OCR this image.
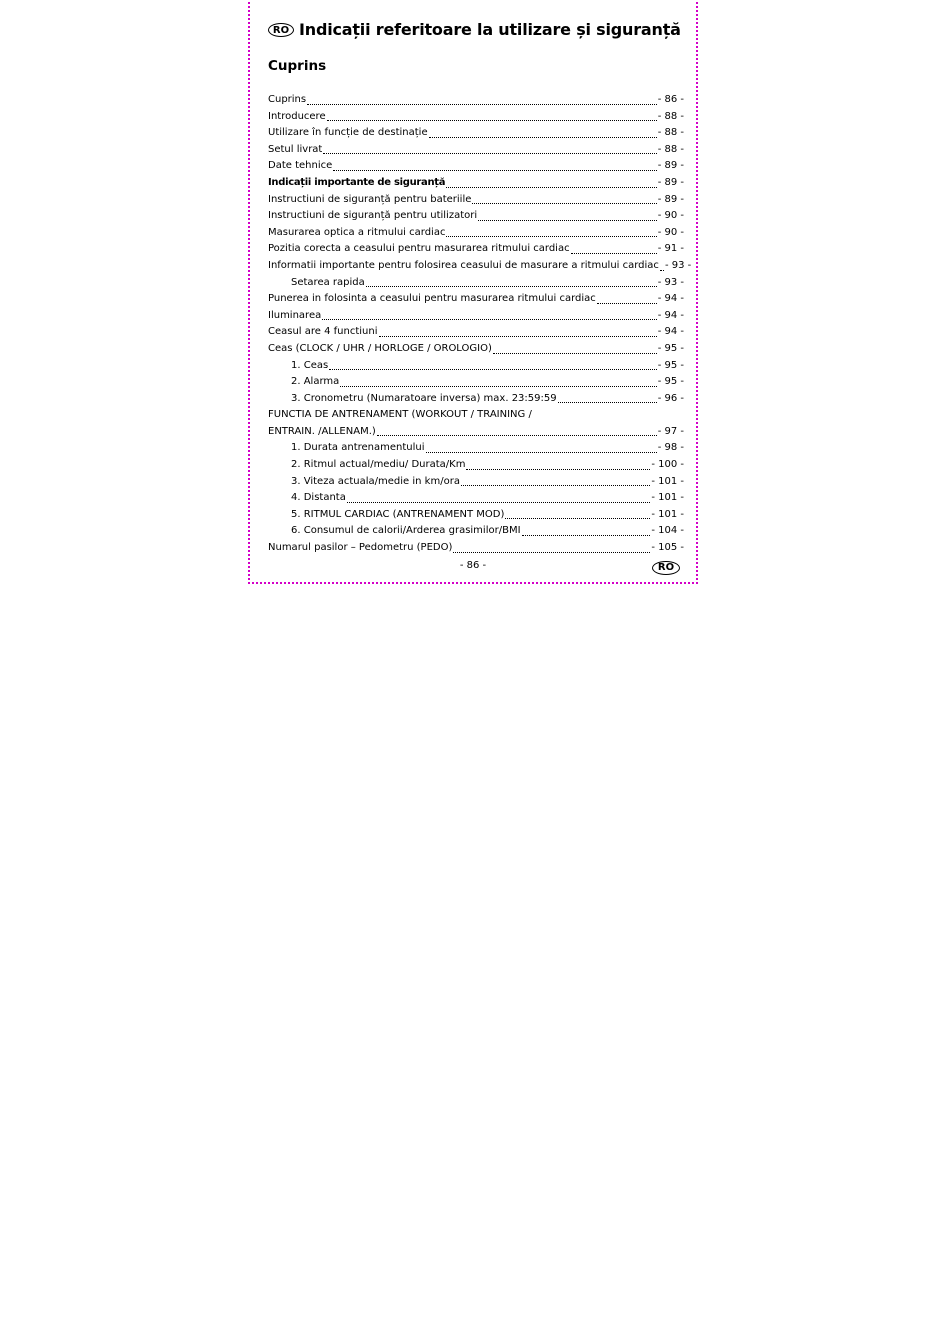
RO Indicații referitoare la utilizare și siguranță
Cuprins
Cuprins	- 86 -
Introducere	- 88 -
Utilizare în funcție de destinație	- 88 -
Setul livrat	- 88 -
Date tehnice	- 89 -
Indicații importante de siguranță	- 89 -
Instructiuni de siguranță pentru bateriile	- 89 -
Instructiuni de siguranță pentru utilizatori	- 90 -
Masurarea optica a ritmului cardiac	- 90 -
Pozitia corecta a ceasului pentru masurarea ritmului cardiac	- 91 -
Informatii importante pentru folosirea ceasului de masurare a ritmului cardiac - 93 -
Setarea rapida	- 93 -
Punerea in folosinta a ceasului pentru masurarea ritmului cardiac	- 94 -
Iluminarea	- 94 -
Ceasul are 4 functiuni	- 94 -
Ceas (CLOCK / UHR / HORLOGE / OROLOGIO)	- 95 -
1. Ceas	- 95 -
2. Alarma	- 95 -
3. Cronometru (Numaratoare inversa) max. 23:59:59	- 96 -
FUNCTIA DE ANTRENAMENT (WORKOUT / TRAINING /
ENTRAIN. /ALLENAM.)	- 97 -
1. Durata antrenamentului	- 98 -
2. Ritmul actual/mediu/ Durata/Km	- 100 -
3. Viteza actuala/medie in km/ora	- 101 -
4. Distanta	- 101 -
5. RITMUL CARDIAC (ANTRENAMENT MOD)	- 101 -
6. Consumul de calorii/Arderea grasimilor/BMI	- 104 -
Numarul pasilor – Pedometru (PEDO)	- 105 -
- 86 -	RO
